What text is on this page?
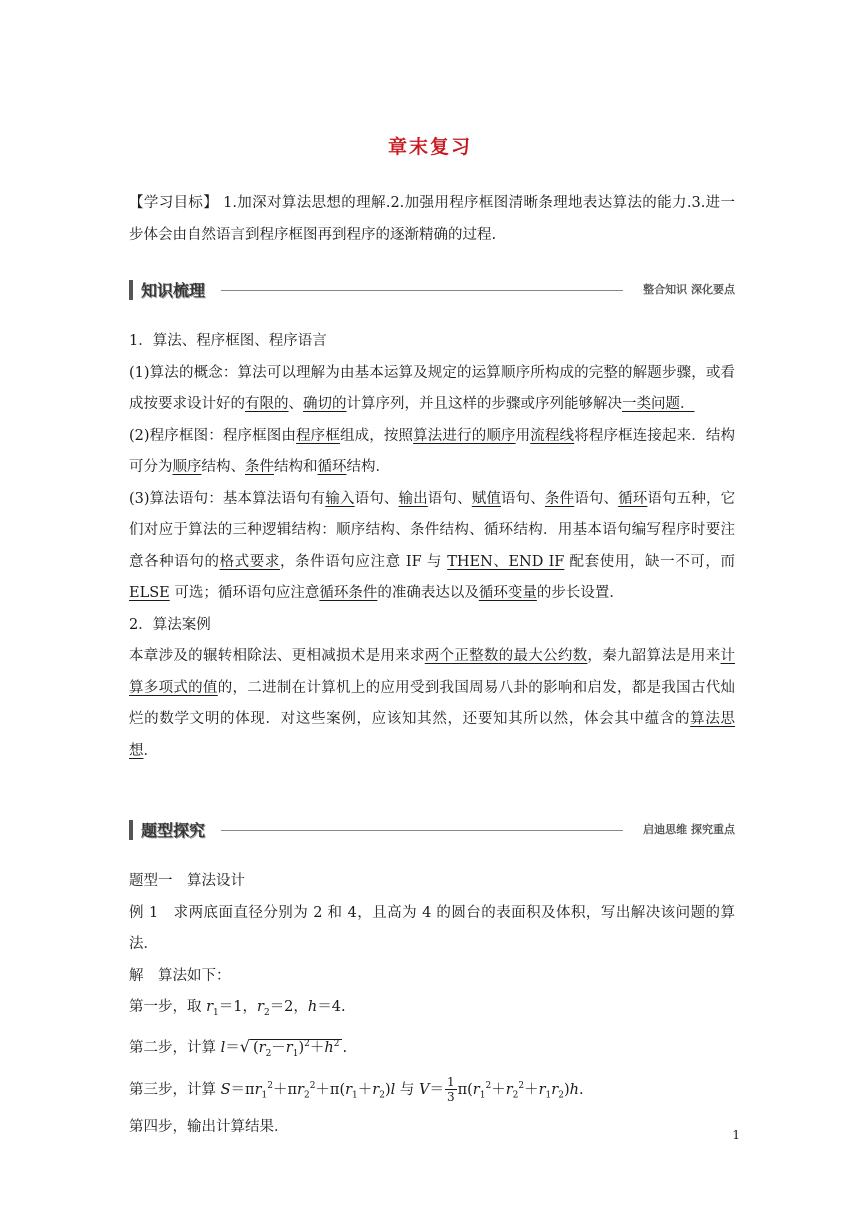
章末复习

【学习目标】 1.加深对算法思想的理解.2.加强用程序框图清晰条理地表达算法的能力.3.进一步体会由自然语言到程序框图再到程序的逐渐精确的过程.

知识梳理	整合知识 深化要点

1．算法、程序框图、程序语言

(1)算法的概念：算法可以理解为由基本运算及规定的运算顺序所构成的完整的解题步骤，或看成按要求设计好的有限的、确切的计算序列，并且这样的步骤或序列能够解决一类问题．

(2)程序框图：程序框图由程序框组成，按照算法进行的顺序用流程线将程序框连接起来．结构可分为顺序结构、条件结构和循环结构．

(3)算法语句：基本算法语句有输入语句、输出语句、赋值语句、条件语句、循环语句五种，它们对应于算法的三种逻辑结构：顺序结构、条件结构、循环结构．用基本语句编写程序时要注意各种语句的格式要求，条件语句应注意 IF 与 THEN、END IF 配套使用，缺一不可，而 ELSE 可选；循环语句应注意循环条件的准确表达以及循环变量的步长设置．

2．算法案例

本章涉及的辗转相除法、更相减损术是用来求两个正整数的最大公约数，秦九韶算法是用来计算多项式的值的，二进制在计算机上的应用受到我国周易八卦的影响和启发，都是我国古代灿烂的数学文明的体现．对这些案例，应该知其然，还要知其所以然，体会其中蕴含的算法思想．

题型探究	启迪思维 探究重点

题型一　算法设计

例 1　求两底面直径分别为 2 和 4，且高为 4 的圆台的表面积及体积，写出解决该问题的算法．

解　算法如下：

第一步，取 $r_1=1$，$r_2=2$，h＝4.

第二步，计算 l＝√ $(r_2-r_1)^2+h^2$ .

第三步，计算 $S=\pi r_1^2+\pi r_2^2+\pi(r_1+r_2)l$ 与 $V= \frac{1}{3} \pi(r_1^2+r_2^2+r_1r_2)h$.

第四步，输出计算结果．

1
